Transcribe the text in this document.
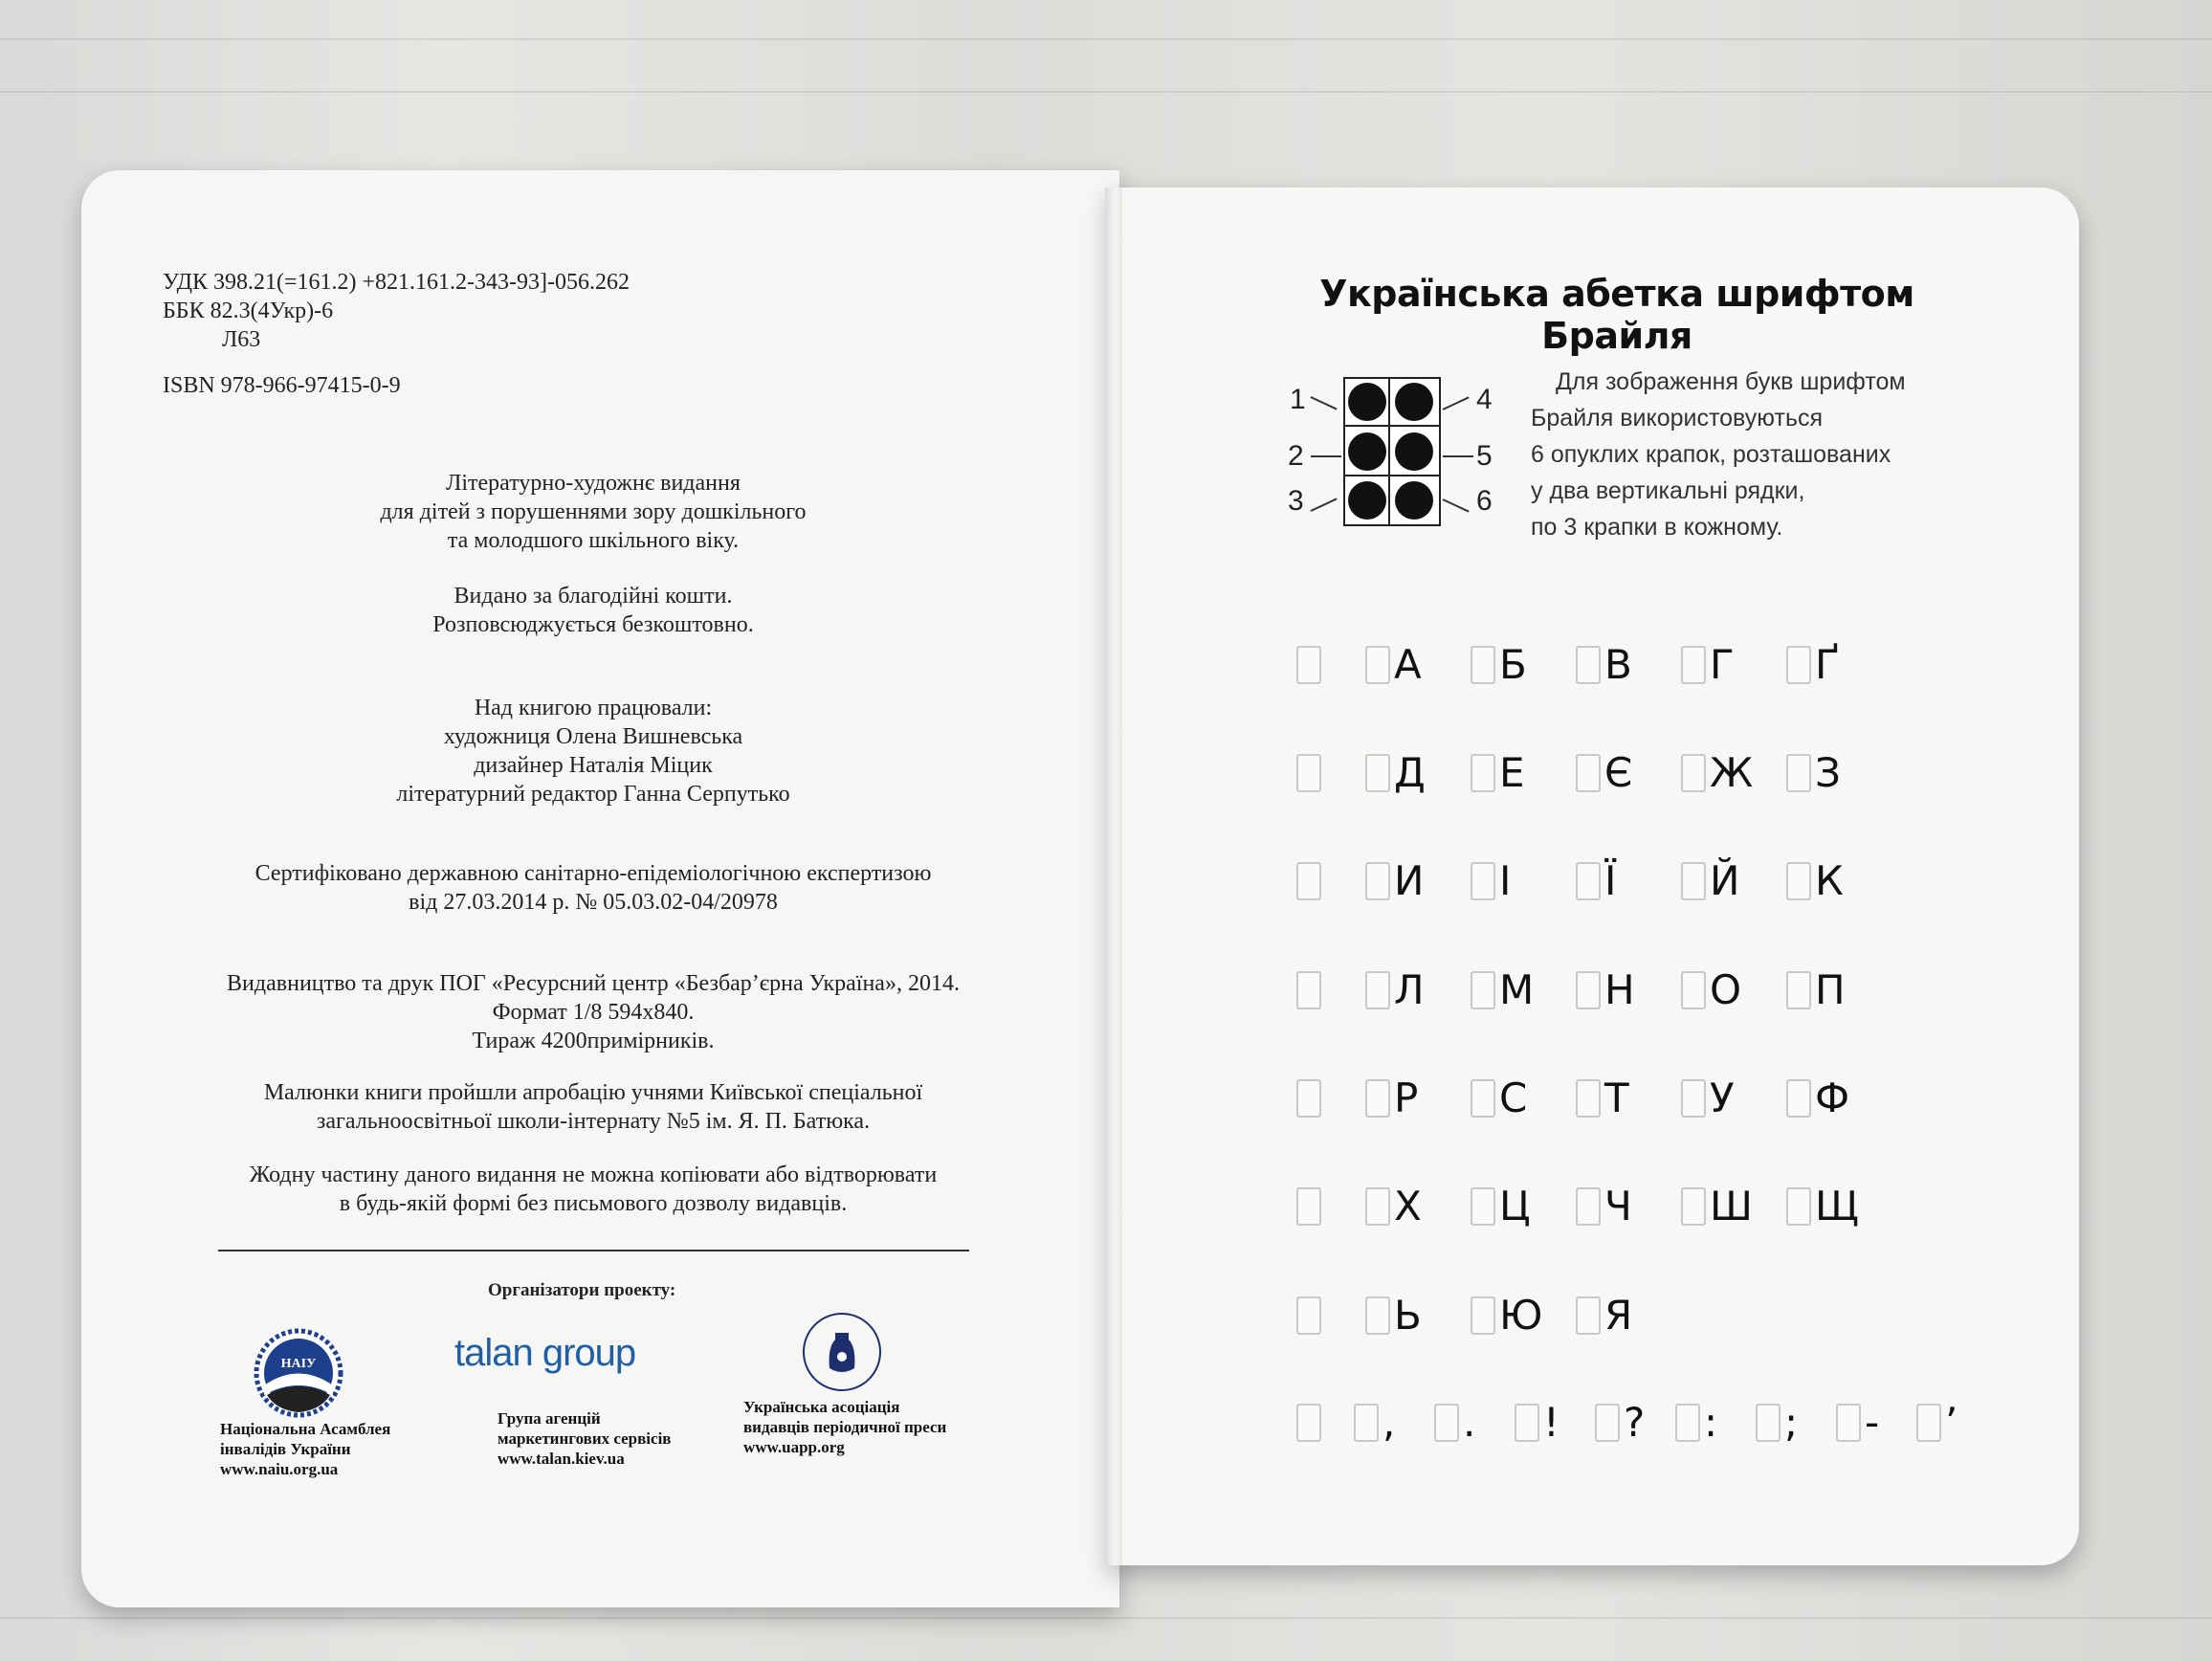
УДК 398.21(=161.2) +821.161.2-343-93]-056.262
ББК 82.3(4Укр)-6
Л63
ISBN 978-966-97415-0-9
Літературно-художнє видання
для дітей з порушеннями зору дошкільного
та молодшого шкільного віку.
Видано за благодійні кошти.
Розповсюджується безкоштовно.
Над книгою працювали:
художниця Олена Вишневська
дизайнер Наталія Міцик
літературний редактор Ганна Серпутько
Сертифіковано державною санітарно-епідеміологічною експертизою
від 27.03.2014 р. № 05.03.02-04/20978
Видавництво та друк ПОГ «Ресурсний центр «Безбар’єрна Україна», 2014.
Формат 1/8 594х840.
Тираж 4200примірників.
Малюнки книги пройшли апробацію учнями Київської спеціальної
загальноосвітньої школи-інтернату №5 ім. Я. П. Батюка.
Жодну частину даного видання не можна копіювати або відтворювати
в будь-якій формі без письмового дозволу видавців.
Організатори проекту:
НАІУ
Національна Асамблея
інвалідів України
www.naiu.org.ua
talan group
Група агенцій
маркетингових сервісів
www.talan.kiev.ua
Українська асоціація
видавців періодичної преси
www.uapp.org
Українська абетка шрифтом Брайля
1
2
3
4
5
6
Для зображення букв шрифтом
Брайля використовуються
6 опуклих крапок, розташованих
у два вертикальні рядки,
по 3 крапки в кожному.
А Б В Г Ґ
Д Е Є Ж З
И І Ї Й К
Л М Н О П
Р С Т У Ф
Х Ц Ч Ш Щ
Ь Ю Я
, . ! ? : ; - ’
